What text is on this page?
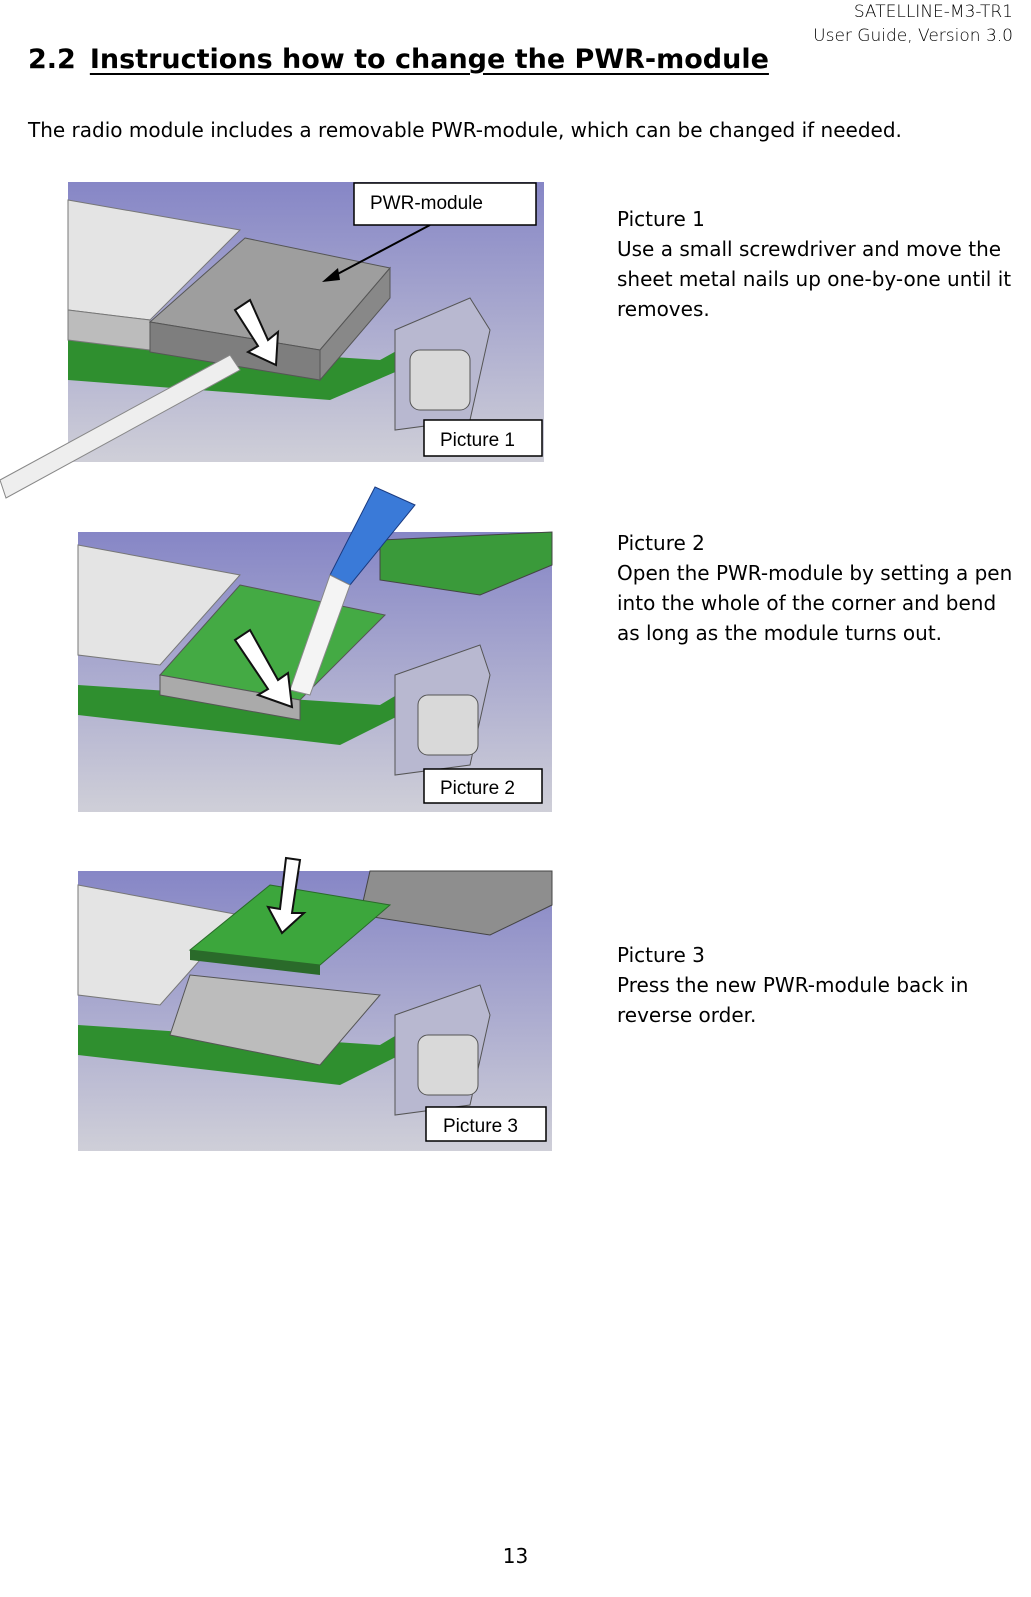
SATELLINE-M3-TR1
User Guide, Version 3.0
2.2 Instructions how to change the PWR-module

The radio module includes a removable PWR-module, which can be changed if needed.

PWR-module
Picture 1
Picture 2
Picture 3
Picture 1
Use a small screwdriver and move the sheet metal nails up one-by-one until it removes.
Picture 2
Open the PWR-module by setting a pen into the whole of the corner and bend as long as the module turns out.
Picture 3
Press the new PWR-module back in reverse order.
13
